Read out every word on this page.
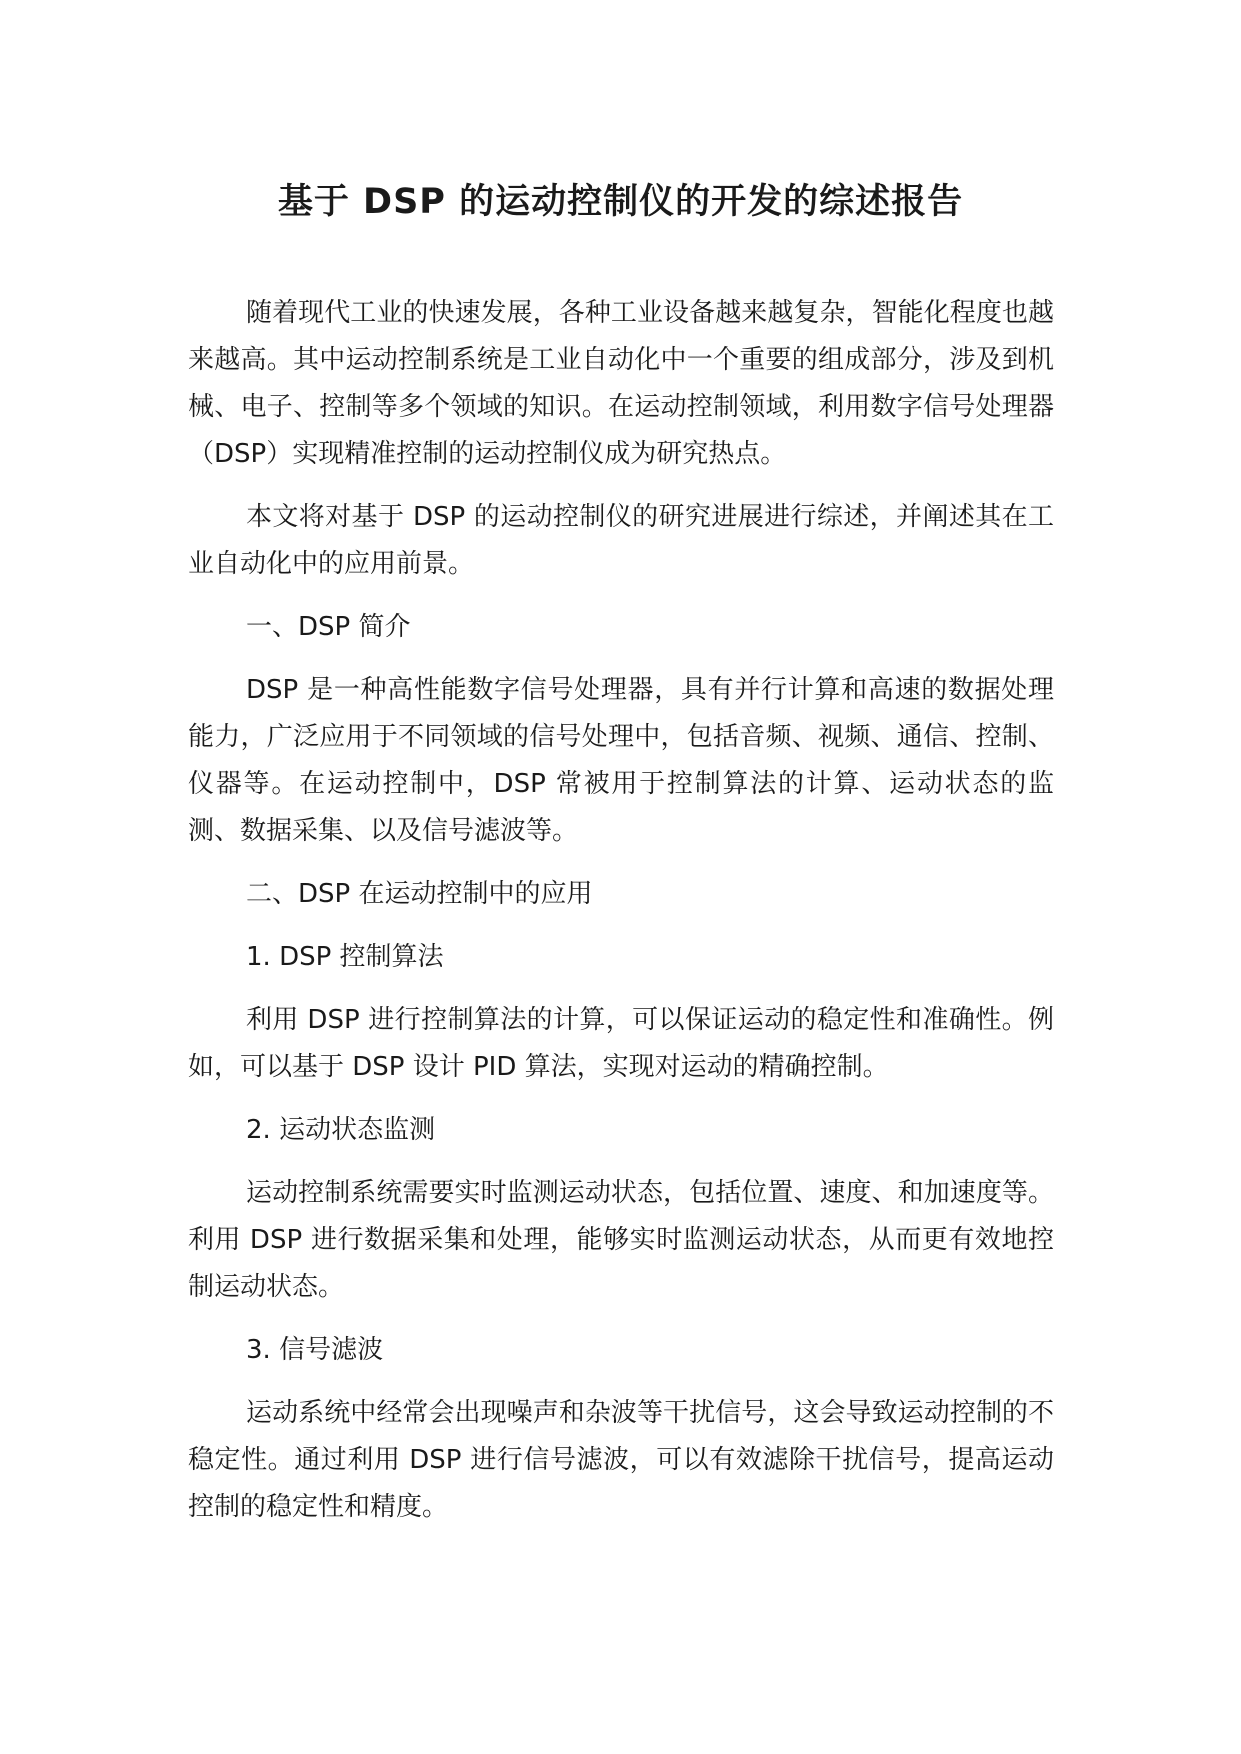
基于 DSP 的运动控制仪的开发的综述报告

随着现代工业的快速发展，各种工业设备越来越复杂，智能化程度也越来越高。其中运动控制系统是工业自动化中一个重要的组成部分，涉及到机械、电子、控制等多个领域的知识。在运动控制领域，利用数字信号处理器（DSP）实现精准控制的运动控制仪成为研究热点。

本文将对基于 DSP 的运动控制仪的研究进展进行综述，并阐述其在工业自动化中的应用前景。

一、DSP 简介

DSP 是一种高性能数字信号处理器，具有并行计算和高速的数据处理能力，广泛应用于不同领域的信号处理中，包括音频、视频、通信、控制、仪器等。在运动控制中，DSP 常被用于控制算法的计算、运动状态的监测、数据采集、以及信号滤波等。

二、DSP 在运动控制中的应用

1. DSP 控制算法

利用 DSP 进行控制算法的计算，可以保证运动的稳定性和准确性。例如，可以基于 DSP 设计 PID 算法，实现对运动的精确控制。

2. 运动状态监测

运动控制系统需要实时监测运动状态，包括位置、速度、和加速度等。利用 DSP 进行数据采集和处理，能够实时监测运动状态，从而更有效地控制运动状态。

3. 信号滤波

运动系统中经常会出现噪声和杂波等干扰信号，这会导致运动控制的不稳定性。通过利用 DSP 进行信号滤波，可以有效滤除干扰信号，提高运动控制的稳定性和精度。
